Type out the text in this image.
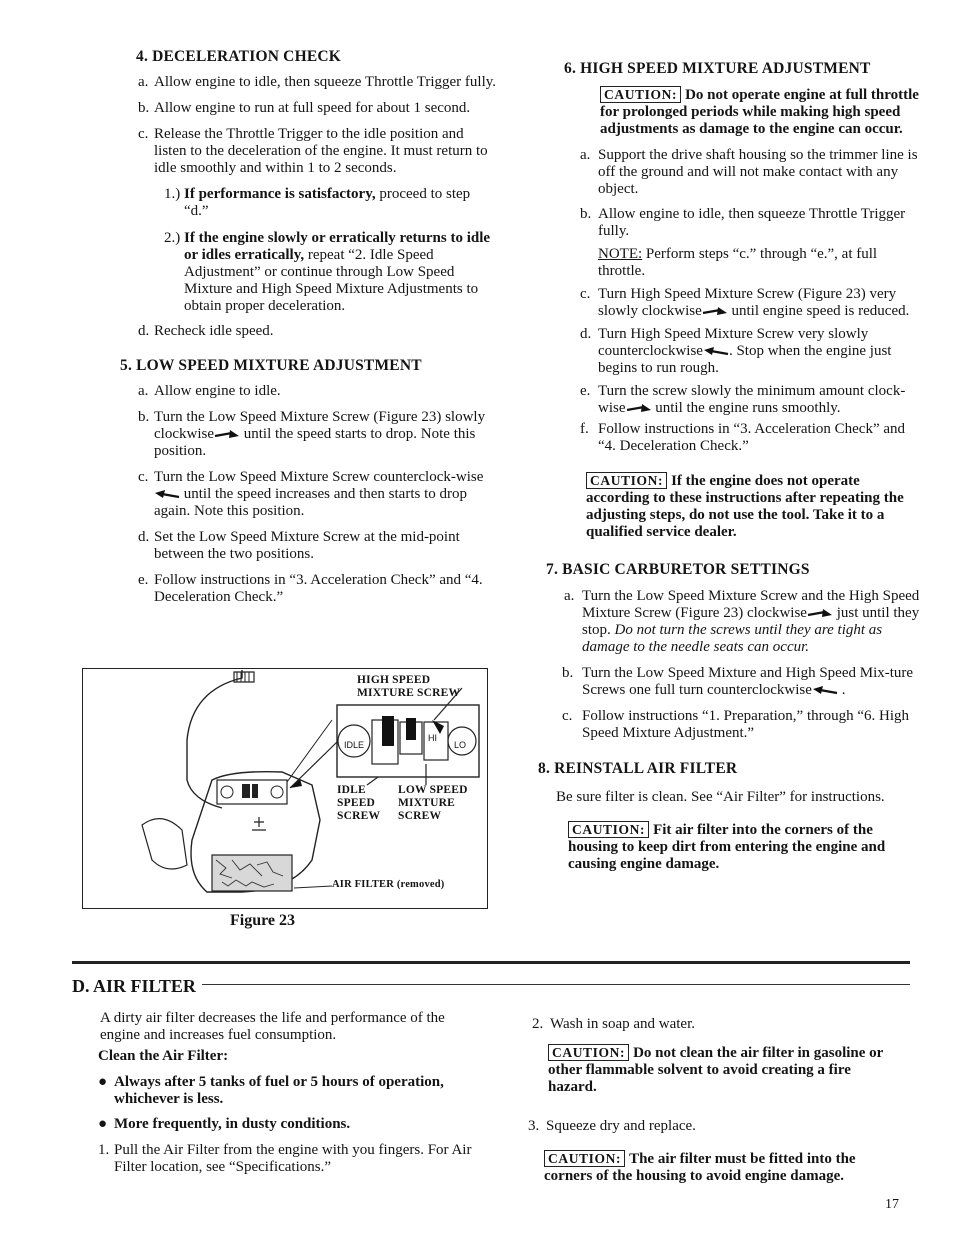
4. DECELERATION CHECK

a. Allow engine to idle, then squeeze Throttle Trigger fully.

b. Allow engine to run at full speed for about 1 second.

c. Release the Throttle Trigger to the idle position and listen to the deceleration of the engine. It must return to idle smoothly and within 1 to 2 seconds.

1.) If performance is satisfactory, proceed to step “d.”

2.) If the engine slowly or erratically returns to idle or idles erratically, repeat “2. Idle Speed Adjustment” or continue through Low Speed Mixture and High Speed Mixture Adjustments to obtain proper deceleration.

d. Recheck idle speed.

5. LOW SPEED MIXTURE ADJUSTMENT

a. Allow engine to idle.

b. Turn the Low Speed Mixture Screw (Figure 23) slowly clockwise until the speed starts to drop. Note this position.

c. Turn the Low Speed Mixture Screw counterclock-wise until the speed increases and then starts to drop again. Note this position.

d. Set the Low Speed Mixture Screw at the mid-point between the two positions.

e. Follow instructions in “3. Acceleration Check” and “4. Deceleration Check.”

HIGH SPEED MIXTURE SCREW
IDLE SPEED SCREW
LOW SPEED MIXTURE SCREW
AIR FILTER (removed)
IDLE
HI
LO
Figure 23
6. HIGH SPEED MIXTURE ADJUSTMENT

CAUTION: Do not operate engine at full throttle for prolonged periods while making high speed adjustments as damage to the engine can occur.

a. Support the drive shaft housing so the trimmer line is off the ground and will not make contact with any object.

b. Allow engine to idle, then squeeze Throttle Trigger fully.

NOTE: Perform steps “c.” through “e.”, at full throttle.

c. Turn High Speed Mixture Screw (Figure 23) very slowly clockwise until engine speed is reduced.

d. Turn High Speed Mixture Screw very slowly counterclockwise . Stop when the engine just begins to run rough.

e. Turn the screw slowly the minimum amount clock-wise until the engine runs smoothly.

f. Follow instructions in “3. Acceleration Check” and “4. Deceleration Check.”

CAUTION: If the engine does not operate according to these instructions after repeating the adjusting steps, do not use the tool. Take it to a qualified service dealer.

7. BASIC CARBURETOR SETTINGS

a. Turn the Low Speed Mixture Screw and the High Speed Mixture Screw (Figure 23) clockwise just until they stop. Do not turn the screws until they are tight as damage to the needle seats can occur.

b. Turn the Low Speed Mixture and High Speed Mix-ture Screws one full turn counterclockwise .

c. Follow instructions “1. Preparation,” through “6. High Speed Mixture Adjustment.”

8. REINSTALL AIR FILTER

Be sure filter is clean. See “Air Filter” for instructions.

CAUTION: Fit air filter into the corners of the housing to keep dirt from entering the engine and causing engine damage.

D. AIR FILTER
A dirty air filter decreases the life and performance of the engine and increases fuel consumption.
Clean the Air Filter:
● Always after 5 tanks of fuel or 5 hours of operation, whichever is less.
● More frequently, in dusty conditions.
1. Pull the Air Filter from the engine with you fingers. For Air Filter location, see “Specifications.”
2. Wash in soap and water.
CAUTION: Do not clean the air filter in gasoline or other flammable solvent to avoid creating a fire hazard.
3. Squeeze dry and replace.
CAUTION: The air filter must be fitted into the corners of the housing to avoid engine damage.
17
